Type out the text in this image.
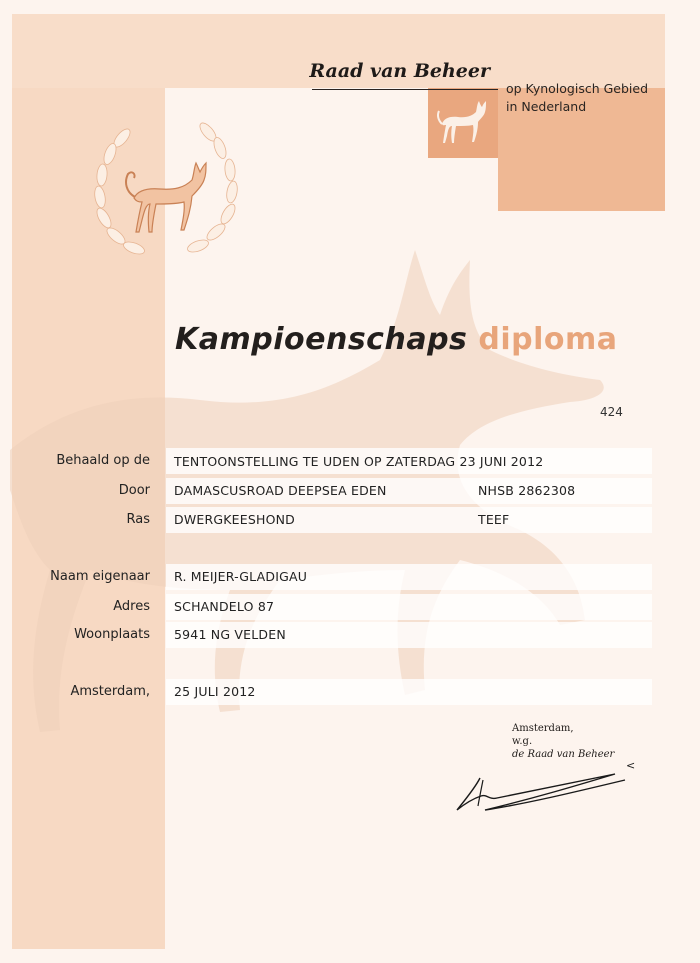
Raad van Beheer
op Kynologisch Gebied
in Nederland
Kampioenschaps diploma
424
Behaald op de
Door
Ras
Naam eigenaar
Adres
Woonplaats
Amsterdam,
TENTOONSTELLING TE UDEN OP ZATERDAG 23 JUNI 2012
DAMASCUSROAD DEEPSEA EDEN	NHSB 2862308
DWERGKEESHOND	TEEF
R. MEIJER-GLADIGAU
SCHANDELO 87
5941 NG VELDEN
25 JULI 2012
Amsterdam,
w.g.
de Raad van Beheer
<
